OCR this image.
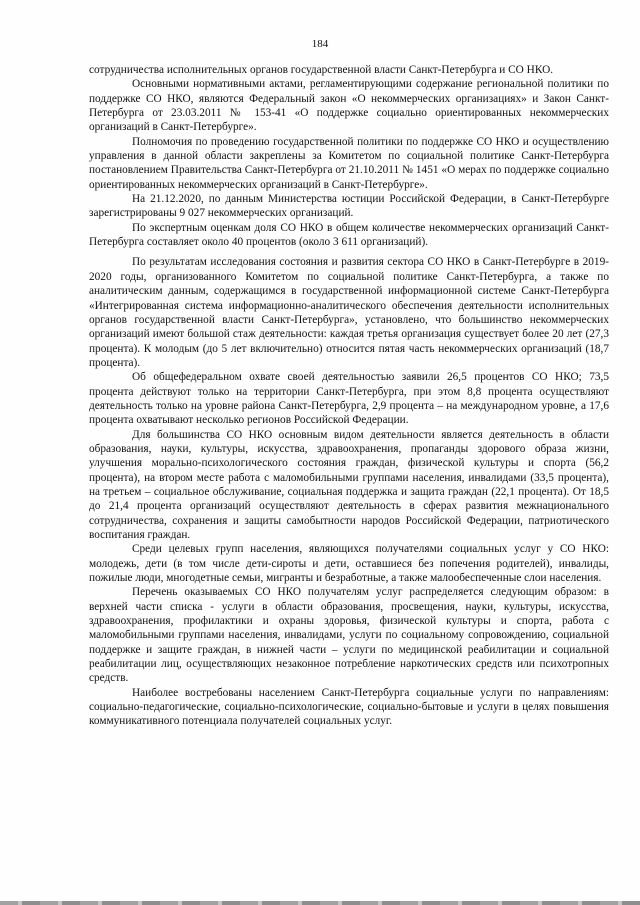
184

сотрудничества исполнительных органов государственной власти Санкт-Петербурга и СО НКО.

Основными нормативными актами, регламентирующими содержание региональной политики по поддержке СО НКО, являются Федеральный закон «О некоммерческих организациях» и Закон Санкт-Петербурга от 23.03.2011 № 153-41 «О поддержке социально ориентированных некоммерческих организаций в Санкт-Петербурге».

Полномочия по проведению государственной политики по поддержке СО НКО и осуществлению управления в данной области закреплены за Комитетом по социальной политике Санкт-Петербурга постановлением Правительства Санкт-Петербурга от 21.10.2011 № 1451 «О мерах по поддержке социально ориентированных некоммерческих организаций в Санкт-Петербурге».

На 21.12.2020, по данным Министерства юстиции Российской Федерации, в Санкт-Петербурге зарегистрированы 9 027 некоммерческих организаций.

По экспертным оценкам доля СО НКО в общем количестве некоммерческих организаций Санкт-Петербурга составляет около 40 процентов (около 3 611 организаций).

По результатам исследования состояния и развития сектора СО НКО в Санкт-Петербурге в 2019-2020 годы, организованного Комитетом по социальной политике Санкт-Петербурга, а также по аналитическим данным, содержащимся в государственной информационной системе Санкт-Петербурга «Интегрированная система информационно-аналитического обеспечения деятельности исполнительных органов государственной власти Санкт-Петербурга», установлено, что большинство некоммерческих организаций имеют большой стаж деятельности: каждая третья организация существует более 20 лет (27,3 процента). К молодым (до 5 лет включительно) относится пятая часть некоммерческих организаций (18,7 процента).

Об общефедеральном охвате своей деятельностью заявили 26,5 процентов СО НКО; 73,5 процента действуют только на территории Санкт-Петербурга, при этом 8,8 процента осуществляют деятельность только на уровне района Санкт-Петербурга, 2,9 процента – на международном уровне, а 17,6 процента охватывают несколько регионов Российской Федерации.

Для большинства СО НКО основным видом деятельности является деятельность в области образования, науки, культуры, искусства, здравоохранения, пропаганды здорового образа жизни, улучшения морально-психологического состояния граждан, физической культуры и спорта (56,2 процента), на втором месте работа с маломобильными группами населения, инвалидами (33,5 процента), на третьем – социальное обслуживание, социальная поддержка и защита граждан (22,1 процента). От 18,5 до 21,4 процента организаций осуществляют деятельность в сферах развития межнационального сотрудничества, сохранения и защиты самобытности народов Российской Федерации, патриотического воспитания граждан.

Среди целевых групп населения, являющихся получателями социальных услуг у СО НКО: молодежь, дети (в том числе дети-сироты и дети, оставшиеся без попечения родителей), инвалиды, пожилые люди, многодетные семьи, мигранты и безработные, а также малообеспеченные слои населения.

Перечень оказываемых СО НКО получателям услуг распределяется следующим образом: в верхней части списка - услуги в области образования, просвещения, науки, культуры, искусства, здравоохранения, профилактики и охраны здоровья, физической культуры и спорта, работа с маломобильными группами населения, инвалидами, услуги по социальному сопровождению, социальной поддержке и защите граждан, в нижней части – услуги по медицинской реабилитации и социальной реабилитации лиц, осуществляющих незаконное потребление наркотических средств или психотропных средств.

Наиболее востребованы населением Санкт-Петербурга социальные услуги по направлениям: социально-педагогические, социально-психологические, социально-бытовые и услуги в целях повышения коммуникативного потенциала получателей социальных услуг.
